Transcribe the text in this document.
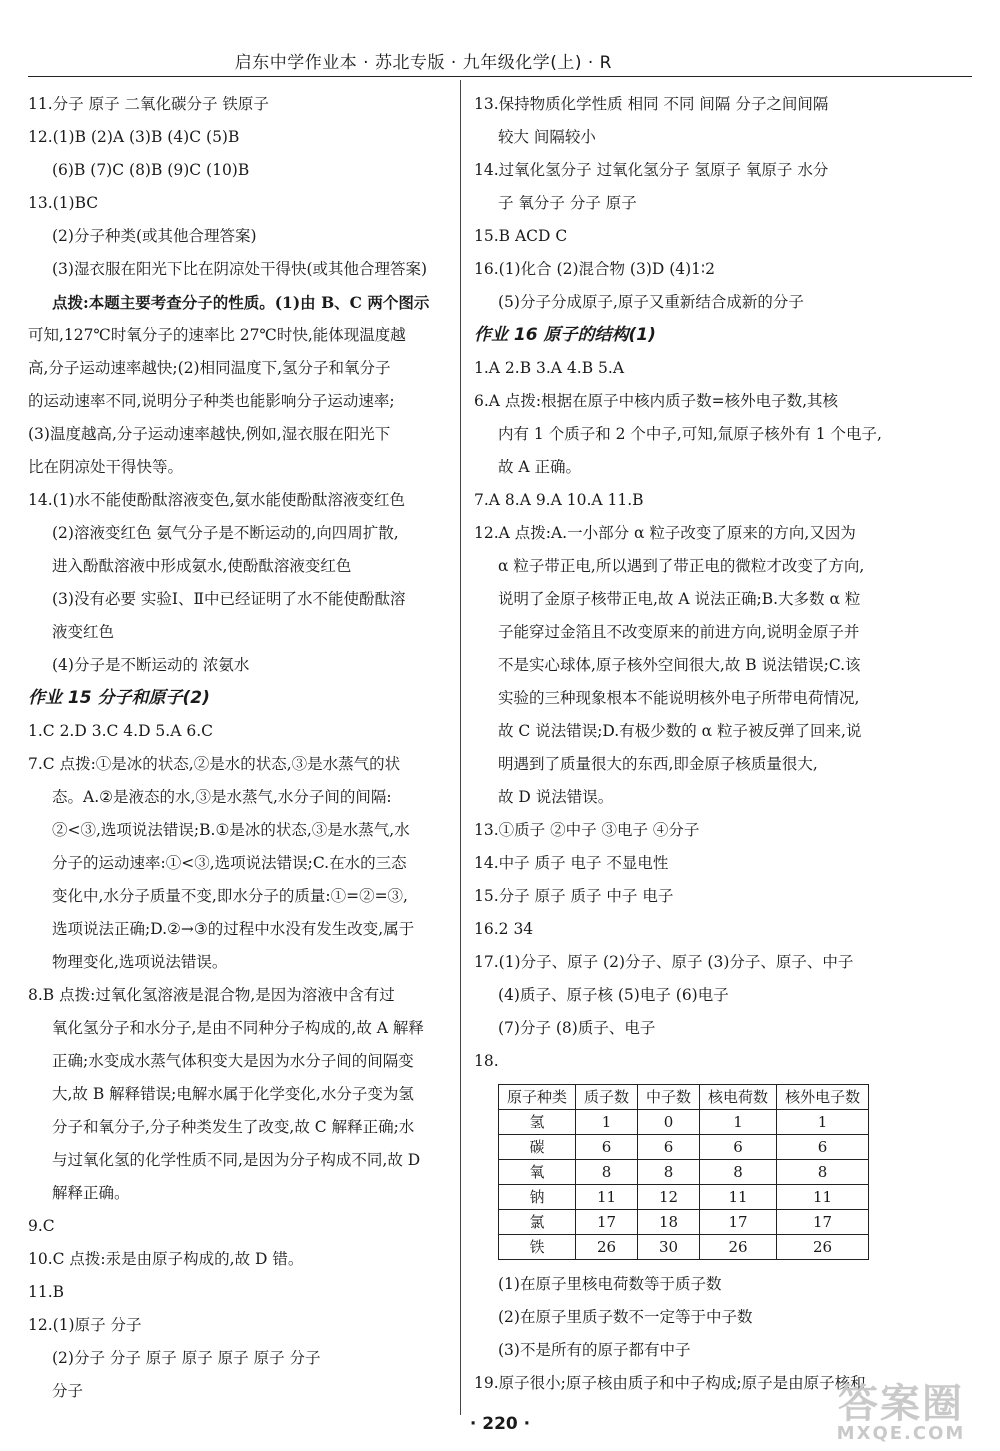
启东中学作业本 · 苏北专版 · 九年级化学(上) · R
11.分子 原子 二氧化碳分子 铁原子
12.(1)B (2)A (3)B (4)C (5)B
(6)B (7)C (8)B (9)C (10)B
13.(1)BC
(2)分子种类(或其他合理答案)
(3)湿衣服在阳光下比在阴凉处干得快(或其他合理答案)
点拨:本题主要考查分子的性质。(1)由 B、C 两个图示
可知,127℃时氧分子的速率比 27℃时快,能体现温度越
高,分子运动速率越快;(2)相同温度下,氢分子和氧分子
的运动速率不同,说明分子种类也能影响分子运动速率;
(3)温度越高,分子运动速率越快,例如,湿衣服在阳光下
比在阴凉处干得快等。
14.(1)水不能使酚酞溶液变色,氨水能使酚酞溶液变红色
(2)溶液变红色 氨气分子是不断运动的,向四周扩散,
进入酚酞溶液中形成氨水,使酚酞溶液变红色
(3)没有必要 实验Ⅰ、Ⅱ中已经证明了水不能使酚酞溶
液变红色
(4)分子是不断运动的 浓氨水
作业 15 分子和原子(2)
1.C 2.D 3.C 4.D 5.A 6.C
7.C 点拨:①是冰的状态,②是水的状态,③是水蒸气的状
态。A.②是液态的水,③是水蒸气,水分子间的间隔:
②<③,选项说法错误;B.①是冰的状态,③是水蒸气,水
分子的运动速率:①<③,选项说法错误;C.在水的三态
变化中,水分子质量不变,即水分子的质量:①=②=③,
选项说法正确;D.②→③的过程中水没有发生改变,属于
物理变化,选项说法错误。
8.B 点拨:过氧化氢溶液是混合物,是因为溶液中含有过
氧化氢分子和水分子,是由不同种分子构成的,故 A 解释
正确;水变成水蒸气体积变大是因为水分子间的间隔变
大,故 B 解释错误;电解水属于化学变化,水分子变为氢
分子和氧分子,分子种类发生了改变,故 C 解释正确;水
与过氧化氢的化学性质不同,是因为分子构成不同,故 D
解释正确。
9.C
10.C 点拨:汞是由原子构成的,故 D 错。
11.B
12.(1)原子 分子
(2)分子 分子 原子 原子 原子 原子 分子
分子
13.保持物质化学性质 相同 不同 间隔 分子之间间隔
较大 间隔较小
14.过氧化氢分子 过氧化氢分子 氢原子 氧原子 水分
子 氧分子 分子 原子
15.B ACD C
16.(1)化合 (2)混合物 (3)D (4)1∶2
(5)分子分成原子,原子又重新结合成新的分子
作业 16 原子的结构(1)
1.A 2.B 3.A 4.B 5.A
6.A 点拨:根据在原子中核内质子数=核外电子数,其核
内有 1 个质子和 2 个中子,可知,氚原子核外有 1 个电子,
故 A 正确。
7.A 8.A 9.A 10.A 11.B
12.A 点拨:A.一小部分 α 粒子改变了原来的方向,又因为
α 粒子带正电,所以遇到了带正电的微粒才改变了方向,
说明了金原子核带正电,故 A 说法正确;B.大多数 α 粒
子能穿过金箔且不改变原来的前进方向,说明金原子并
不是实心球体,原子核外空间很大,故 B 说法错误;C.该
实验的三种现象根本不能说明核外电子所带电荷情况,
故 C 说法错误;D.有极少数的 α 粒子被反弹了回来,说
明遇到了质量很大的东西,即金原子核质量很大,
故 D 说法错误。
13.①质子 ②中子 ③电子 ④分子
14.中子 质子 电子 不显电性
15.分子 原子 质子 中子 电子
16.2 34
17.(1)分子、原子 (2)分子、原子 (3)分子、原子、中子
(4)质子、原子核 (5)电子 (6)电子
(7)分子 (8)质子、电子
18.
原子种类	质子数	中子数	核电荷数	核外电子数
氢	1	0	1	1
碳	6	6	6	6
氧	8	8	8	8
钠	11	12	11	11
氯	17	18	17	17
铁	26	30	26	26
(1)在原子里核电荷数等于质子数
(2)在原子里质子数不一定等于中子数
(3)不是所有的原子都有中子
19.原子很小;原子核由质子和中子构成;原子是由原子核和
· 220 ·	答案圈
MXQE.COM
